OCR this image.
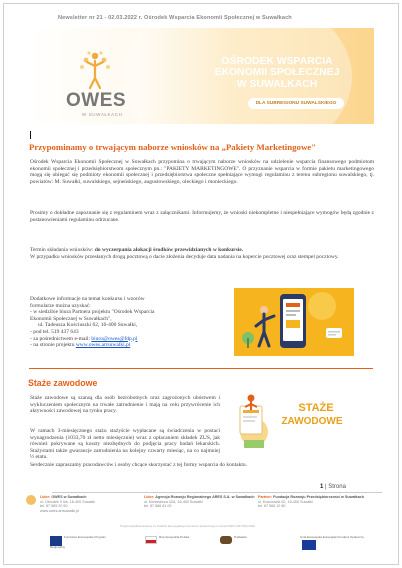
Newsletter nr 21 - 02.03.2022 r. Ośrodek Wsparcia Ekonomii Społecznej w Suwałkach
OWES
W SUWAŁKACH
OŚRODEK WSPARCIA
EKONOMII SPOŁECZNEJ
W SUWAŁKACH
DLA SUBREGIONU SUWALSKIEGO
Przypominamy o trwającym naborze wniosków na „Pakiety Marketingowe"
Ośrodek Wsparcia Ekonomii Społecznej w Suwałkach przypomina o trwającym naborze wniosków na udzielenie wsparcia finansowego podmiotom ekonomii społecznej i przedsiębiorstwom społecznym pn.: "PAKIETY MARKETINGOWE". O przyznanie wsparcia w formie pakietu marketingowego mogą się ubiegać się podmioty ekonomii społecznej i przedsiębiorstwa społeczne spełniające wymogi regulaminu z terenu subregionu suwalskiego, tj. powiatów: M. Suwałki, suwalskiego, sejneńskiego, augustowskiego, oleckiego i monieckiego.
Prosimy o dokładne zapoznanie się z regulaminem wraz z załącznikami. Informujemy, że wnioski niekompletne i niespełniające wymogów będą zgodnie z postanowieniami regulaminu odrzucane.
Termin składania wniosków: do wyczerpania alokacji środków przewidzianych w konkursie.
W przypadku wniosków przesłanych drogą pocztową o dacie złożenia decyduje data nadania na kopercie pocztowej oraz stempel pocztowy.
Dodatkowe informacje na temat konkursu i wzorów
formularze można uzyskać:
- w siedzibie biura Partnera projektu "Ośrodek Wsparcia
Ekonomii Społecznej w Suwałkach",
ul. Tadeusza Kościuszki 62, 16-400 Suwałki,
- pod tel. 519 437 643
- za pośrednictwem e-mail: biuro@owes@fdp.pl
- na stronie projektu www.owes.arrsuwalki.pl
Staże zawodowe
Staże zawodowe są szansą dla osób bezrobotnych oraz zagrożonych ubóstwem i wykluczeniem społecznym na trwałe zatrudnienie i mają na celu przywrócenie ich aktywności zawodowej na rynku pracy.
W ramach 3-miesięcznego stażu stażyście wypłacane są świadczenia w postaci wynagrodzenia (1033,70 zł netto miesięcznie) wraz z opłacaniem składek ZUS, jak również pokrywane są koszty niezbędnych do podjęcia pracy badań lekarskich. Stażystami także gwarancje zatrudnienia na kolejny czwarty miesiąc, na co najmniej ½ etatu.
Serdecznie zapraszamy pracodawców i osoby chcące skorzystać z tej formy wsparcia do kontaktu.
STAŻE
ZAWODOWE
1 | Strona
Lider: OWES w Suwałkach
ul. Ośrodek 9 lok. 16-400 Suwałki
tel. 87 565 20 50
www.owes.arrsuwalki.pl
Lider: Agencja Rozwoju Regionalnego ARES S.A. w Suwałkach
ul. Noniewicza 42A, 16-400 Suwałki
tel. 87 566 61 00
Partner: Fundacja Rozwoju Przedsiębiorczości w Suwałkach
ul. Kościuszki 62, 16-400 Suwałki
tel. 87 565 12 80
Projekt współfinansowany ze środków Europejskiego Funduszu Społecznego w ramach RPO WP 2014-2020
Fundusze Europejskie Program Regionalny
Rzeczpospolita Polska	Podlaskie	Unia Europejska Europejski Fundusz Społeczny
